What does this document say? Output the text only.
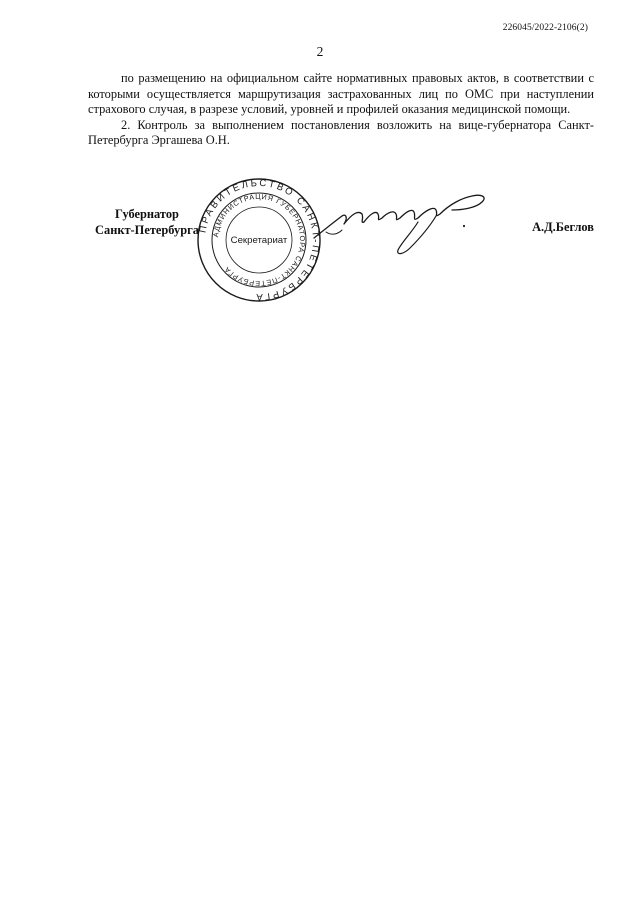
226045/2022-2106(2)
2

по размещению на официальном сайте нормативных правовых актов, в соответствии с которыми осуществляется маршрутизация застрахованных лиц по ОМС при наступлении страхового случая, в разрезе условий, уровней и профилей оказания медицинской помощи.

2. Контроль за выполнением постановления возложить на вице-губернатора Санкт-Петербурга Эргашева О.Н.

Губернатор
Санкт-Петербурга
ПРАВИТЕЛЬСТВО САНКТ-ПЕТЕРБУРГА
АДМИНИСТРАЦИЯ ГУБЕРНАТОРА САНКТ-ПЕТЕРБУРГА
Секретариат
А.Д.Беглов
